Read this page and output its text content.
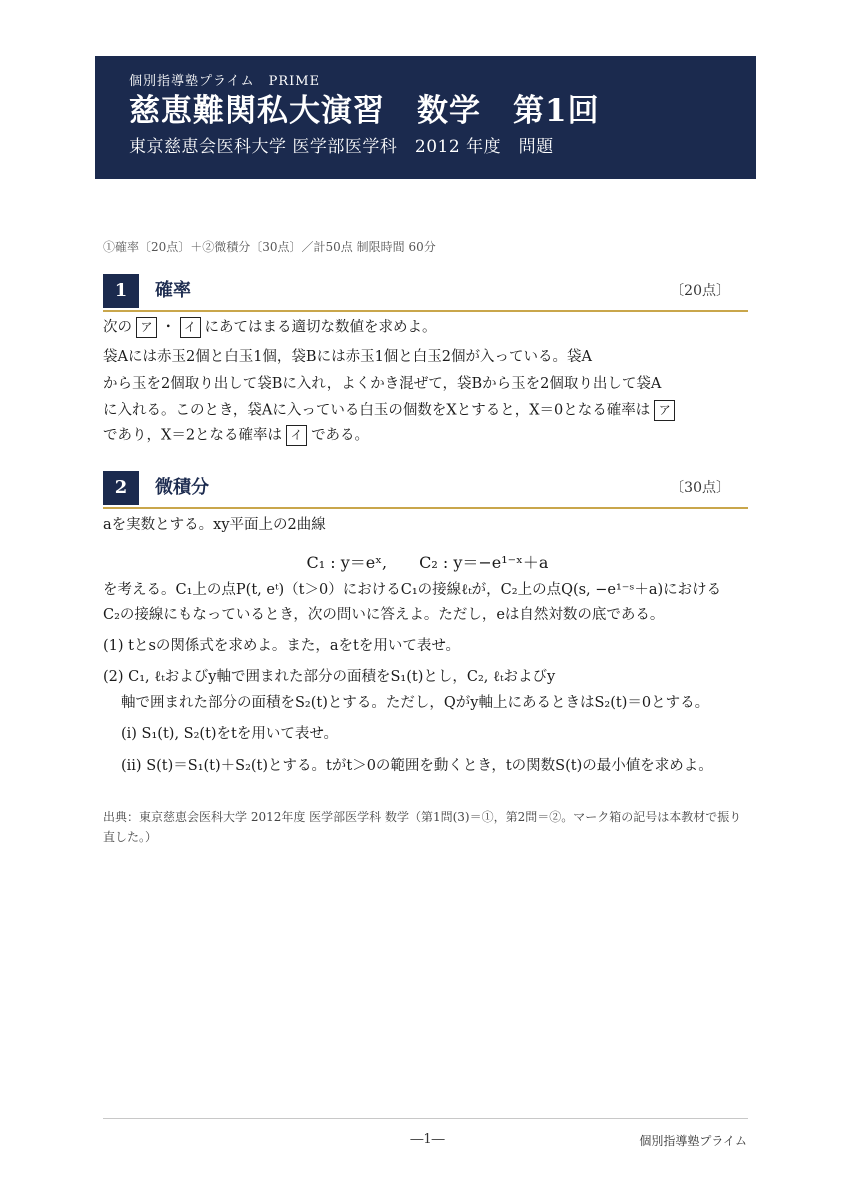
個別指導塾プライム　PRIME
慈恵難関私大演習　数学　第1回
東京慈恵会医科大学 医学部医学科　2012 年度　問題
①確率〔20点〕＋②微積分〔30点〕／計50点 制限時間 60分
1	確率	〔20点〕
次の ア ・ イ にあてはまる適切な数値を求めよ。
袋Aには赤玉2個と白玉1個，袋Bには赤玉1個と白玉2個が入っている。袋A
から玉を2個取り出して袋Bに入れ，よくかき混ぜて，袋Bから玉を2個取り出して袋A
に入れる。このとき，袋Aに入っている白玉の個数をXとすると，X＝0となる確率は ア
であり，X＝2となる確率は イ である。
2	微積分	〔30点〕
aを実数とする。xy平面上の2曲線
C₁ : y＝eˣ,　　C₂ : y＝−e¹⁻ˣ＋a
を考える。C₁上の点P(t, eᵗ)（t＞0）におけるC₁の接線ℓₜが，C₂上の点Q(s, −e¹⁻ˢ＋a)における
C₂の接線にもなっているとき，次の問いに答えよ。ただし，eは自然対数の底である。
(1) tとsの関係式を求めよ。また，aをtを用いて表せ。
(2) C₁, ℓₜおよびy軸で囲まれた部分の面積をS₁(t)とし，C₂, ℓₜおよびy
軸で囲まれた部分の面積をS₂(t)とする。ただし，Qがy軸上にあるときはS₂(t)＝0とする。
(i) S₁(t), S₂(t)をtを用いて表せ。
(ii) S(t)＝S₁(t)＋S₂(t)とする。tがt＞0の範囲を動くとき，tの関数S(t)の最小値を求めよ。
出典：東京慈恵会医科大学 2012年度 医学部医学科 数学（第1問(3)＝①，第2問＝②。マーク箱の記号は本教材で振り直した。）
―1―	個別指導塾プライム
